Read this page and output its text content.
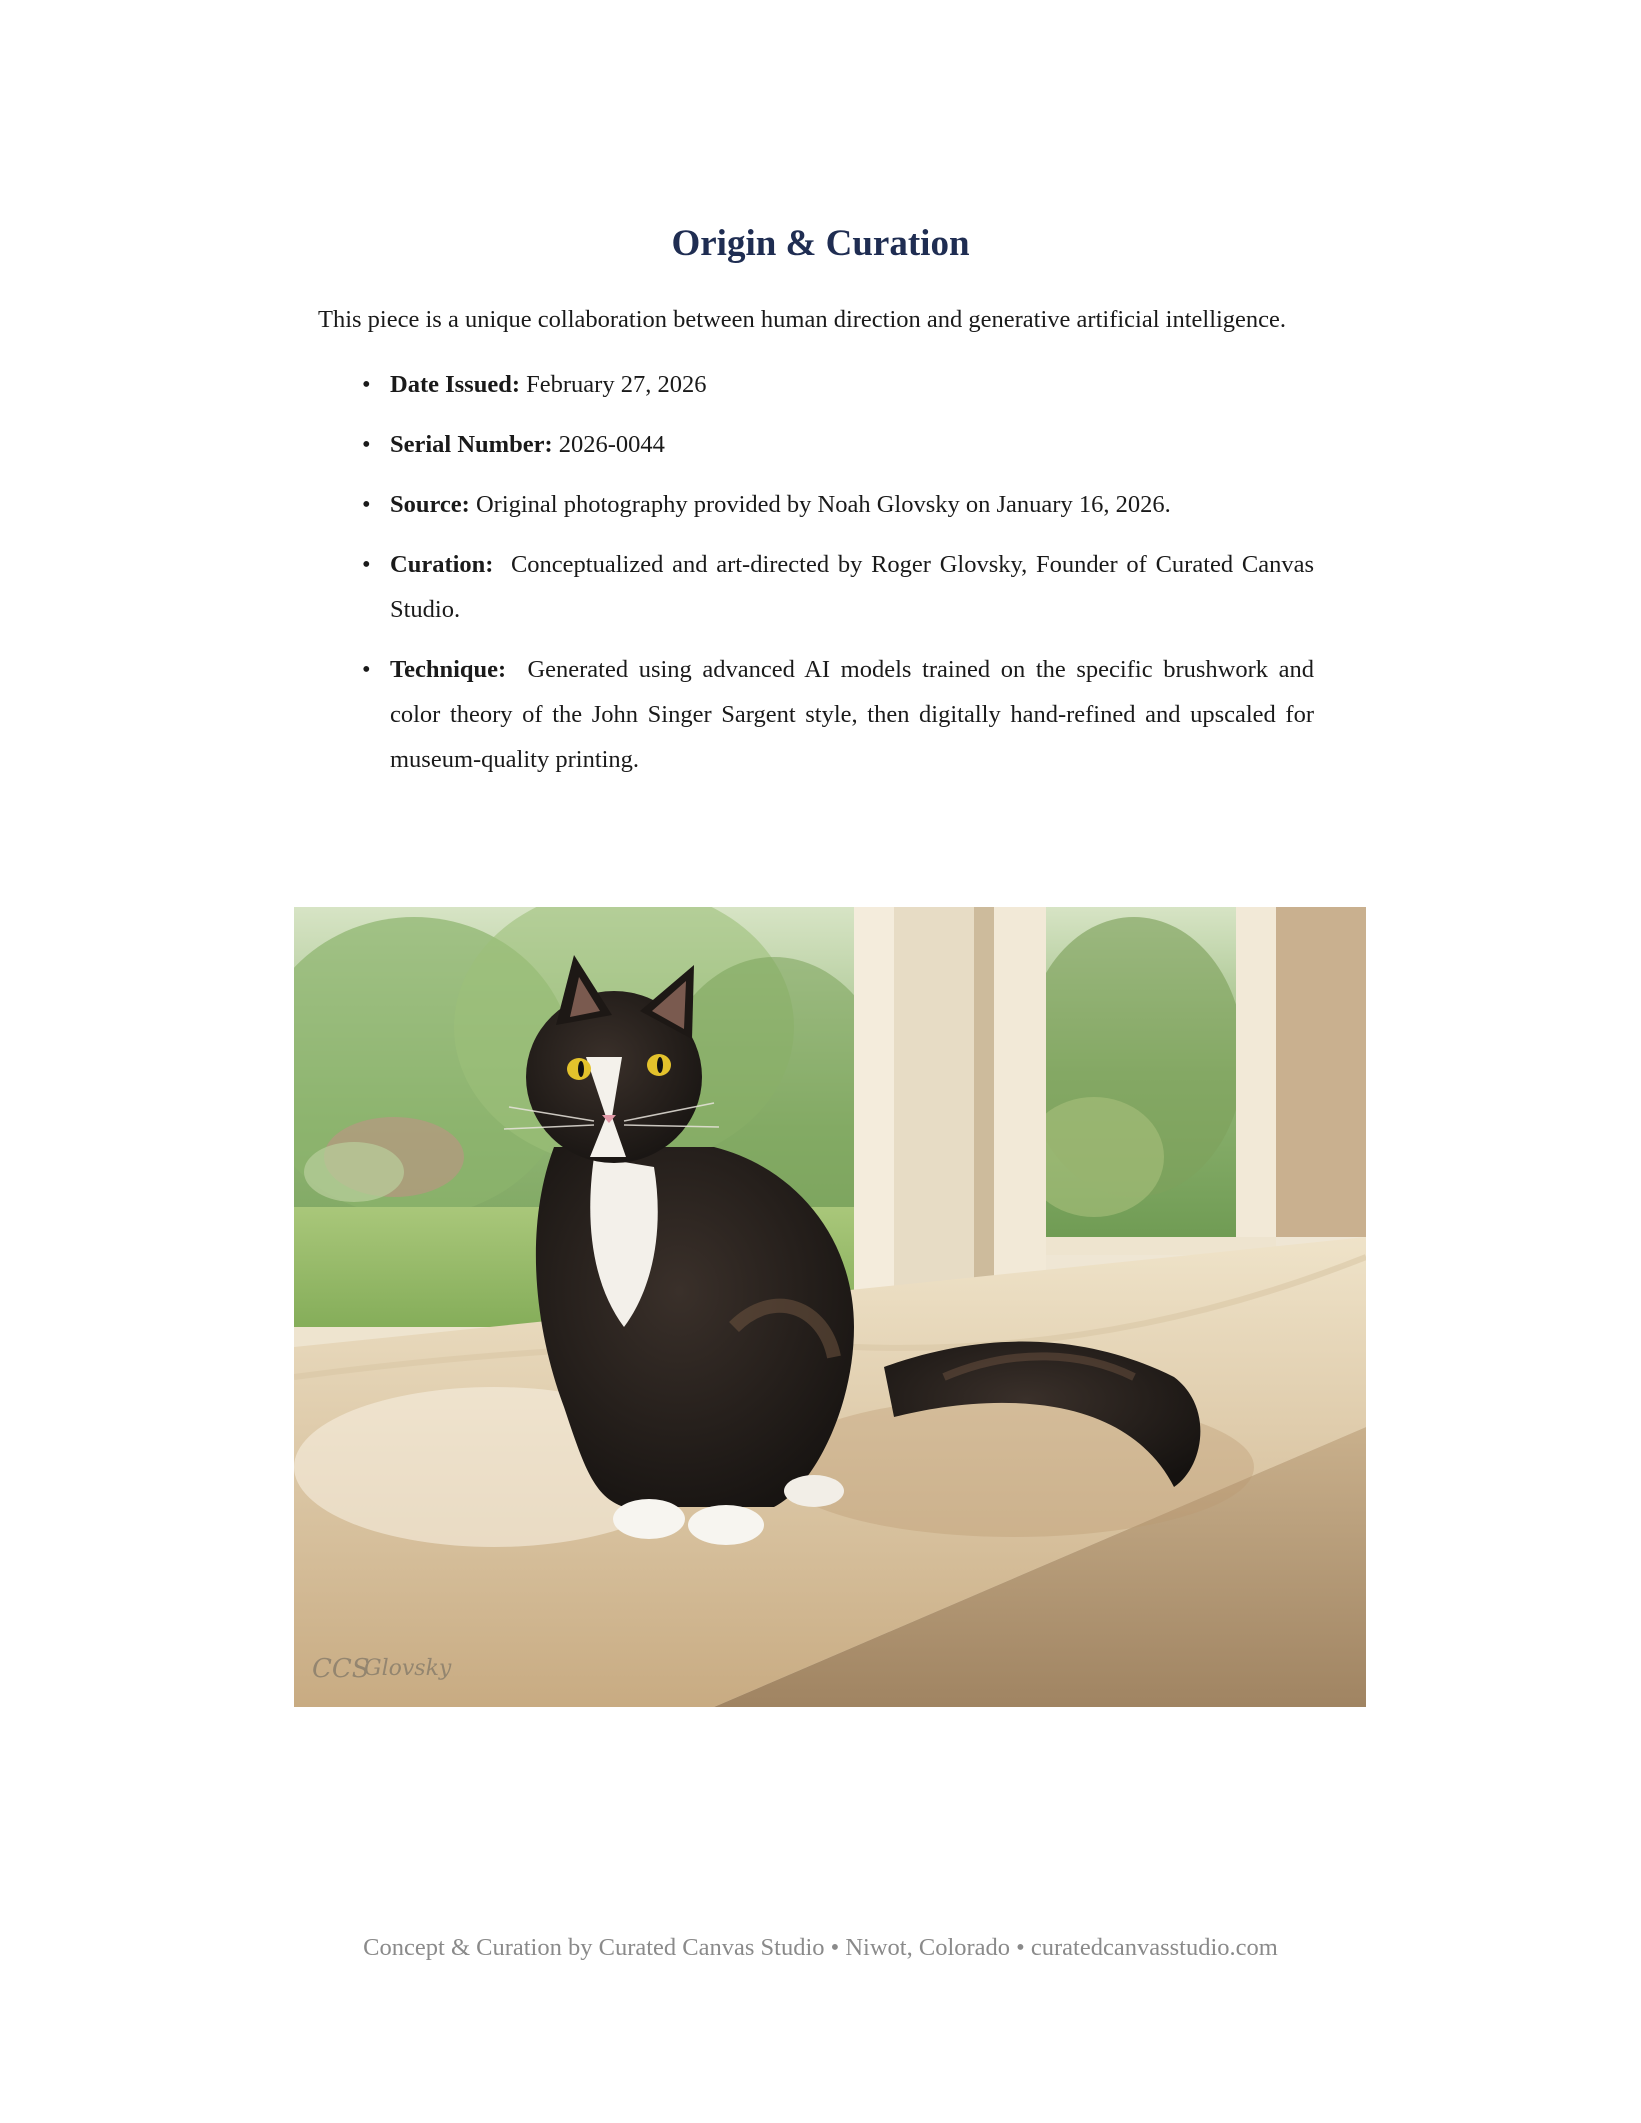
Origin & Curation

This piece is a unique collaboration between human direction and generative artificial intelligence.

• Date Issued: February 27, 2026
• Serial Number: 2026-0044
• Source: Original photography provided by Noah Glovsky on January 16, 2026.
• Curation: Conceptualized and art-directed by Roger Glovsky, Founder of Curated Canvas Studio.
• Technique: Generated using advanced AI models trained on the specific brushwork and color theory of the John Singer Sargent style, then digitally hand-refined and upscaled for museum-quality printing.
CCS
Glovsky
Concept & Curation by Curated Canvas Studio • Niwot, Colorado • curatedcanvasstudio.com
